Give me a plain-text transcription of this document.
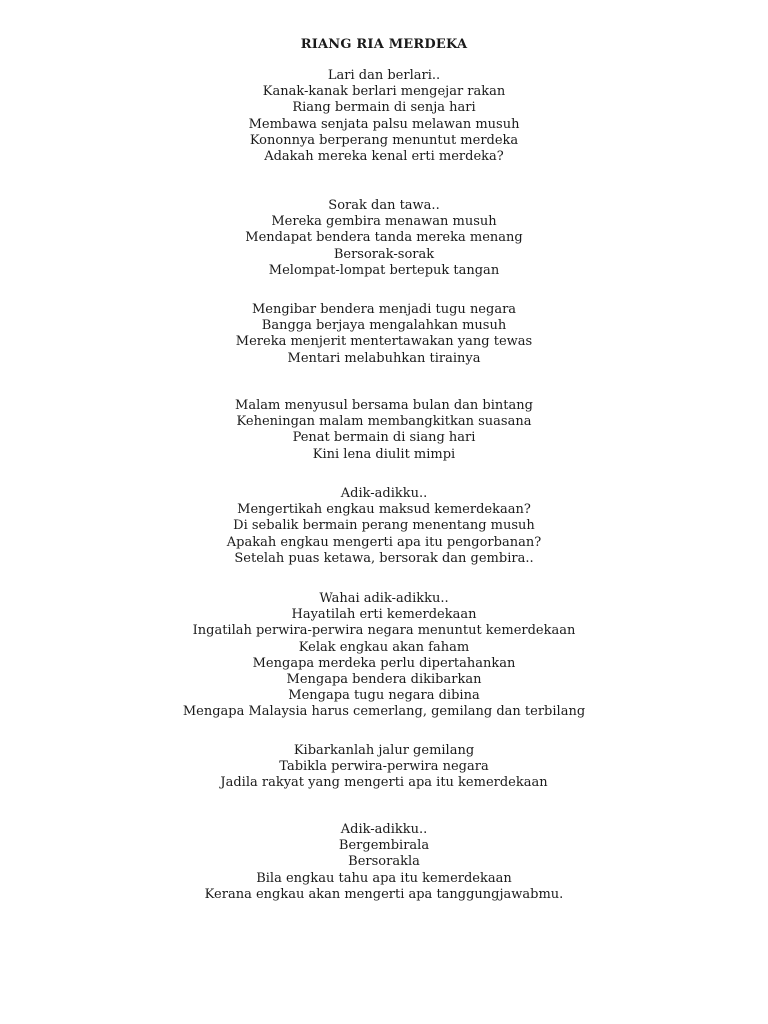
RIANG RIA MERDEKA
Lari dan berlari..
Kanak-kanak berlari mengejar rakan
Riang bermain di senja hari
Membawa senjata palsu melawan musuh
Kononnya berperang menuntut merdeka
Adakah mereka kenal erti merdeka?
Sorak dan tawa..
Mereka gembira menawan musuh
Mendapat bendera tanda mereka menang
Bersorak-sorak
Melompat-lompat bertepuk tangan
Mengibar bendera menjadi tugu negara
Bangga berjaya mengalahkan musuh
Mereka menjerit mentertawakan yang tewas
Mentari melabuhkan tirainya
Malam menyusul bersama bulan dan bintang
Keheningan malam membangkitkan suasana
Penat bermain di siang hari
Kini lena diulit mimpi
Adik-adikku..
Mengertikah engkau maksud kemerdekaan?
Di sebalik bermain perang menentang musuh
Apakah engkau mengerti apa itu pengorbanan?
Setelah puas ketawa, bersorak dan gembira..
Wahai adik-adikku..
Hayatilah erti kemerdekaan
Ingatilah perwira-perwira negara menuntut kemerdekaan
Kelak engkau akan faham
Mengapa merdeka perlu dipertahankan
Mengapa bendera dikibarkan
Mengapa tugu negara dibina
Mengapa Malaysia harus cemerlang, gemilang dan terbilang
Kibarkanlah jalur gemilang
Tabikla perwira-perwira negara
Jadila rakyat yang mengerti apa itu kemerdekaan
Adik-adikku..
Bergembirala
Bersorakla
Bila engkau tahu apa itu kemerdekaan
Kerana engkau akan mengerti apa tanggungjawabmu.
